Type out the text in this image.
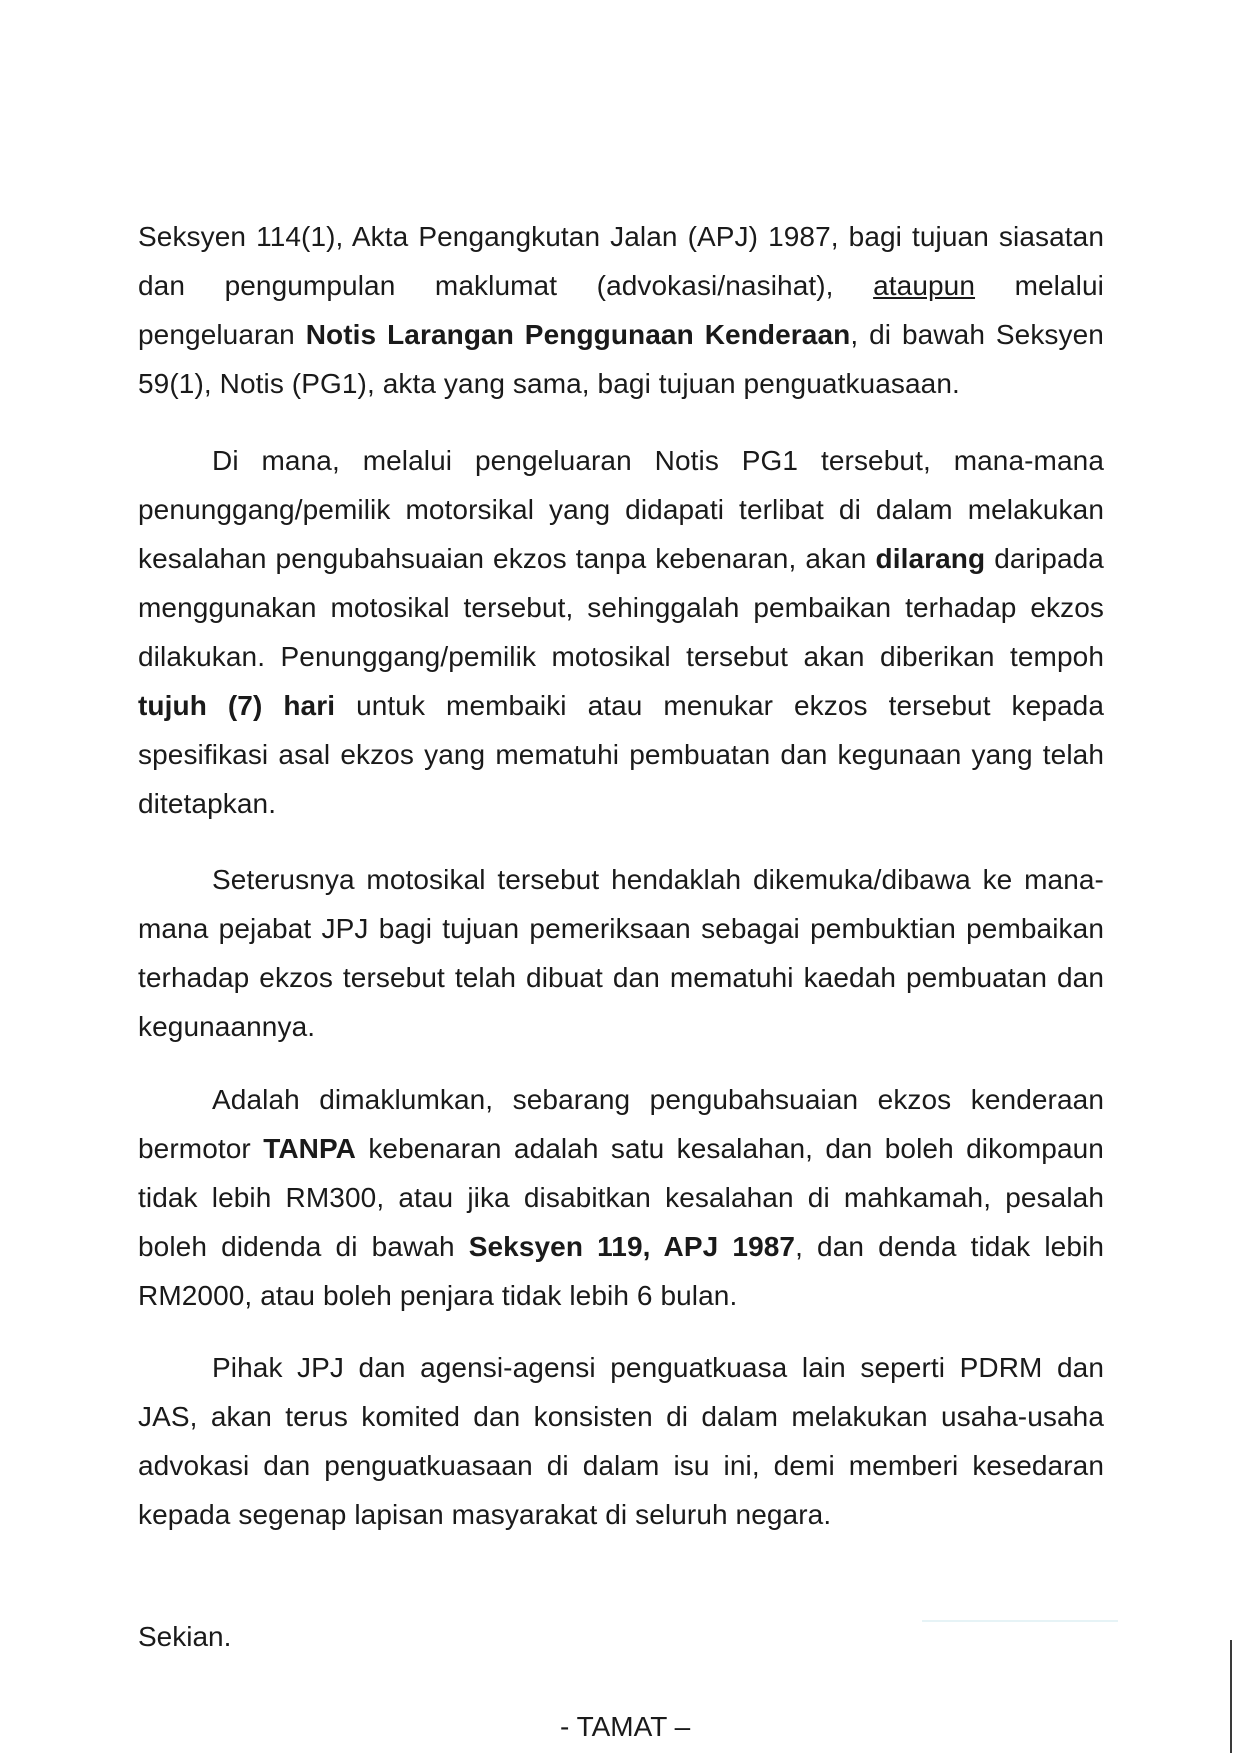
Seksyen 114(1), Akta Pengangkutan Jalan (APJ) 1987, bagi tujuan siasatan dan pengumpulan maklumat (advokasi/nasihat), ataupun melalui pengeluaran Notis Larangan Penggunaan Kenderaan, di bawah Seksyen 59(1), Notis (PG1), akta yang sama, bagi tujuan penguatkuasaan.

Di mana, melalui pengeluaran Notis PG1 tersebut, mana-mana penunggang/pemilik motorsikal yang didapati terlibat di dalam melakukan kesalahan pengubahsuaian ekzos tanpa kebenaran, akan dilarang daripada menggunakan motosikal tersebut, sehinggalah pembaikan terhadap ekzos dilakukan. Penunggang/pemilik motosikal tersebut akan diberikan tempoh tujuh (7) hari untuk membaiki atau menukar ekzos tersebut kepada spesifikasi asal ekzos yang mematuhi pembuatan dan kegunaan yang telah ditetapkan.

Seterusnya motosikal tersebut hendaklah dikemuka/dibawa ke mana-mana pejabat JPJ bagi tujuan pemeriksaan sebagai pembuktian pembaikan terhadap ekzos tersebut telah dibuat dan mematuhi kaedah pembuatan dan kegunaannya.

Adalah dimaklumkan, sebarang pengubahsuaian ekzos kenderaan bermotor TANPA kebenaran adalah satu kesalahan, dan boleh dikompaun tidak lebih RM300, atau jika disabitkan kesalahan di mahkamah, pesalah boleh didenda di bawah Seksyen 119, APJ 1987, dan denda tidak lebih RM2000, atau boleh penjara tidak lebih 6 bulan.

Pihak JPJ dan agensi-agensi penguatkuasa lain seperti PDRM dan JAS, akan terus komited dan konsisten di dalam melakukan usaha-usaha advokasi dan penguatkuasaan di dalam isu ini, demi memberi kesedaran kepada segenap lapisan masyarakat di seluruh negara.

Sekian.

- TAMAT –
